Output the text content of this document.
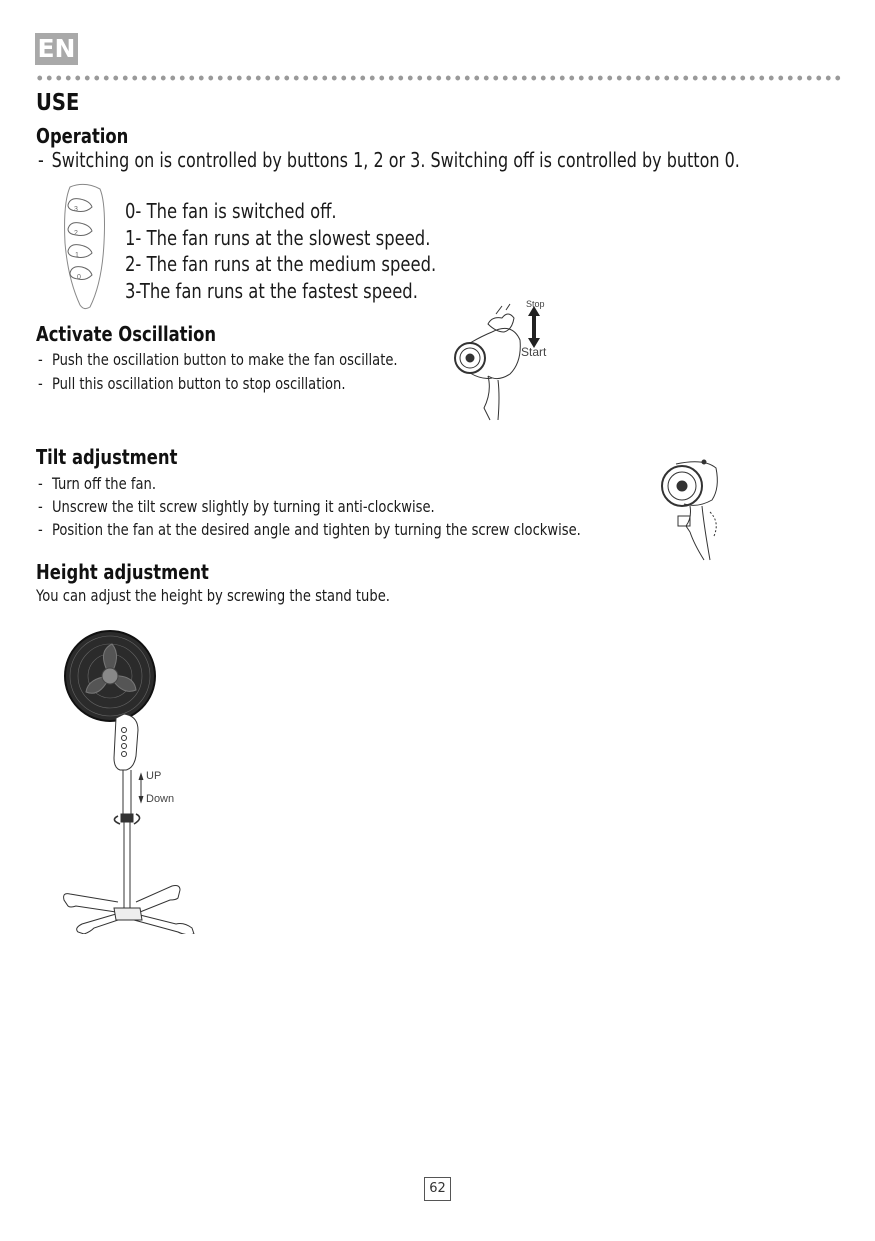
EN
USE
Operation
- Switching on is controlled by buttons 1, 2 or 3. Switching off is controlled by button 0.
3
2
1
0
0- The fan is switched off.
1- The fan runs at the slowest speed.
2- The fan runs at the medium speed.
3-The fan runs at the fastest speed.
Activate Oscillation
- Push the oscillation button to make the fan oscillate.
- Pull this oscillation button to stop oscillation.
Stop
Start
Tilt adjustment
- Turn off the fan.
- Unscrew the tilt screw slightly by turning it anti-clockwise.
- Position the fan at the desired angle and tighten by turning the screw clockwise.
Height adjustment
You can adjust the height by screwing the stand tube.
UP
Down
62
